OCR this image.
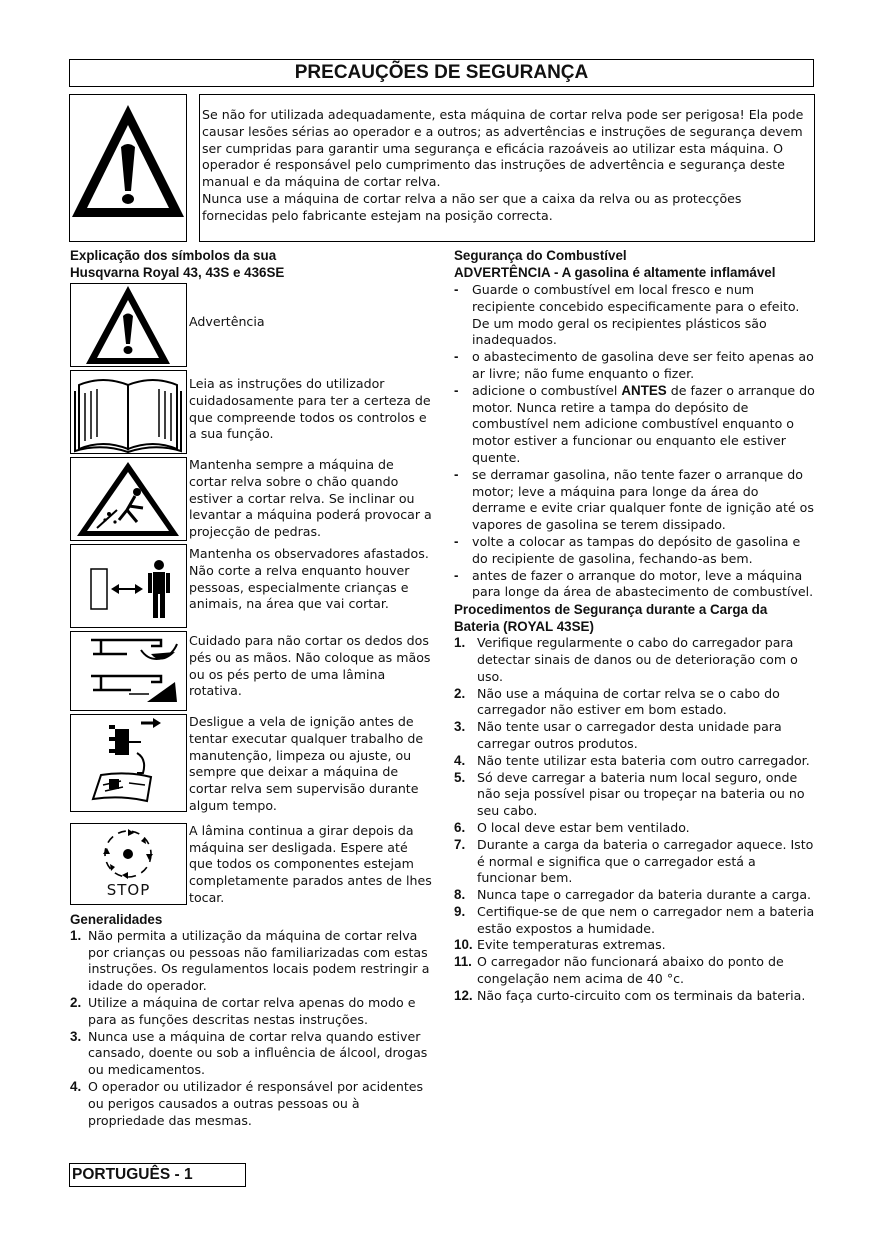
PRECAUÇÕES DE SEGURANÇA

Se não for utilizada adequadamente, esta máquina de cortar relva pode ser perigosa! Ela pode causar lesões sérias ao operador e a outros; as advertências e instruções de segurança devem ser cumpridas para garantir uma segurança e eficácia razoáveis ao utilizar esta máquina. O operador é responsável pelo cumprimento das instruções de advertência e segurança deste manual e da máquina de cortar relva.

Nunca use a máquina de cortar relva a não ser que a caixa da relva ou as protecções fornecidas pelo fabricante estejam na posição correcta.

Explicação dos símbolos da sua
Husqvarna Royal 43, 43S e 436SE
Advertência
Leia as instruções do utilizador cuidadosamente para ter a certeza de que compreende todos os controlos e a sua função.
Mantenha sempre a máquina de cortar relva sobre o chão quando estiver a cortar relva. Se inclinar ou levantar a máquina poderá provocar a projecção de pedras.
Mantenha os observadores afastados. Não corte a relva enquanto houver pessoas, especialmente crianças e animais, na área que vai cortar.
Cuidado para não cortar os dedos dos pés ou as mãos. Não coloque as mãos ou os pés perto de uma lâmina rotativa.
Desligue a vela de ignição antes de tentar executar qualquer trabalho de manutenção, limpeza ou ajuste, ou sempre que deixar a máquina de cortar relva sem supervisão durante algum tempo.
STOP
A lâmina continua a girar depois da máquina ser desligada. Espere até que todos os componentes estejam completamente parados antes de lhes tocar.
Generalidades
1. Não permita a utilização da máquina de cortar relva por crianças ou pessoas não familiarizadas com estas instruções. Os regulamentos locais podem restringir a idade do operador.
2. Utilize a máquina de cortar relva apenas do modo e para as funções descritas nestas instruções.
3. Nunca use a máquina de cortar relva quando estiver cansado, doente ou sob a influência de álcool, drogas ou medicamentos.
4. O operador ou utilizador é responsável por acidentes ou perigos causados a outras pessoas ou à propriedade das mesmas.
Segurança do Combustível
ADVERTÊNCIA - A gasolina é altamente inflamável
- Guarde o combustível em local fresco e num recipiente concebido especificamente para o efeito. De um modo geral os recipientes plásticos são inadequados.
- o abastecimento de gasolina deve ser feito apenas ao ar livre; não fume enquanto o fizer.
- adicione o combustível ANTES de fazer o arranque do motor. Nunca retire a tampa do depósito de combustível nem adicione combustível enquanto o motor estiver a funcionar ou enquanto ele estiver quente.
- se derramar gasolina, não tente fazer o arranque do motor; leve a máquina para longe da área do derrame e evite criar qualquer fonte de ignição até os vapores de gasolina se terem dissipado.
- volte a colocar as tampas do depósito de gasolina e do recipiente de gasolina, fechando-as bem.
- antes de fazer o arranque do motor, leve a máquina para longe da área de abastecimento de combustível.
Procedimentos de Segurança durante a Carga da Bateria (ROYAL 43SE)
1. Verifique regularmente o cabo do carregador para detectar sinais de danos ou de deterioração com o uso.
2. Não use a máquina de cortar relva se o cabo do carregador não estiver em bom estado.
3. Não tente usar o carregador desta unidade para carregar outros produtos.
4. Não tente utilizar esta bateria com outro carregador.
5. Só deve carregar a bateria num local seguro, onde não seja possível pisar ou tropeçar na bateria ou no seu cabo.
6. O local deve estar bem ventilado.
7. Durante a carga da bateria o carregador aquece. Isto é normal e significa que o carregador está a funcionar bem.
8. Nunca tape o carregador da bateria durante a carga.
9. Certifique-se de que nem o carregador nem a bateria estão expostos a humidade.
10. Evite temperaturas extremas.
11. O carregador não funcionará abaixo do ponto de congelação nem acima de 40 °c.
12. Não faça curto-circuito com os terminais da bateria.
PORTUGUÊS - 1
